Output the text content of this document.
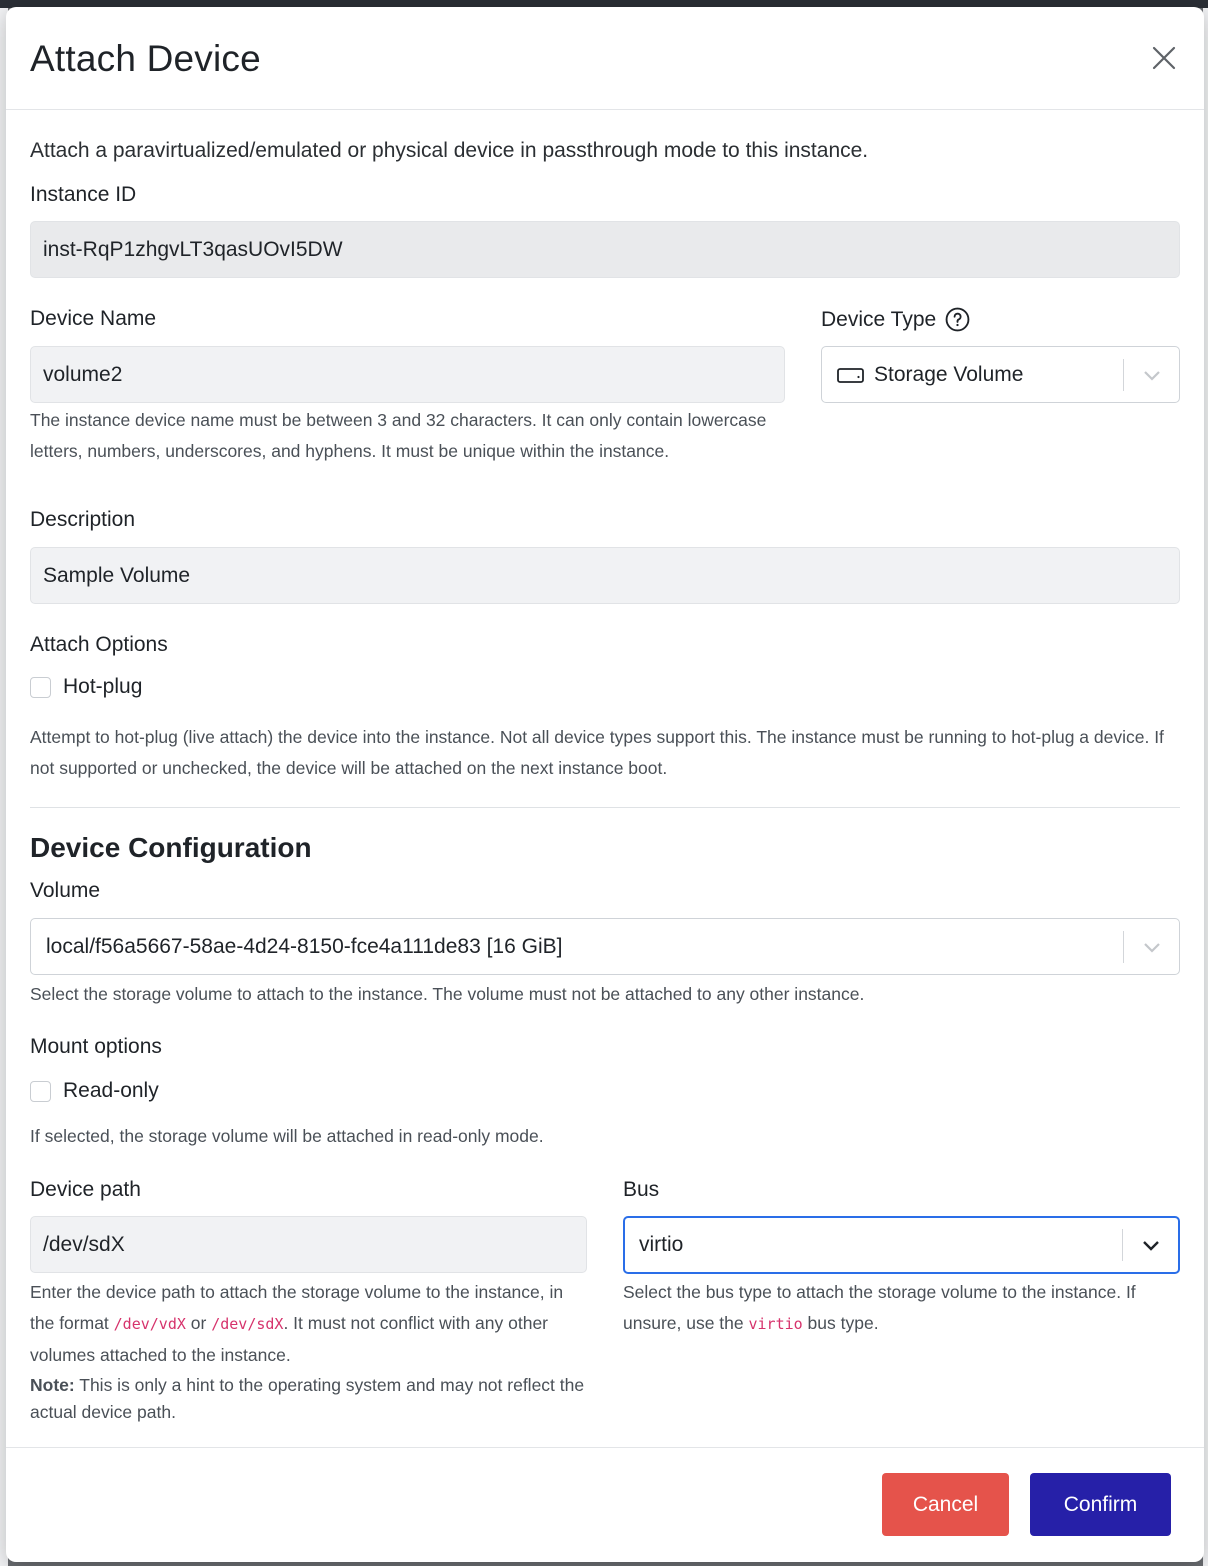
Attach Device

Attach a paravirtualized/emulated or physical device in passthrough mode to this instance.

Instance ID
inst-RqP1zhgvLT3qasUOvI5DW
Device Name
volume2

The instance device name must be between 3 and 32 characters. It can only contain lowercase letters, numbers, underscores, and hyphens. It must be unique within the instance.

Device Type
Storage Volume
Description
Sample Volume
Attach Options
Hot-plug

Attempt to hot-plug (live attach) the device into the instance. Not all device types support this. The instance must be running to hot-plug a device. If not supported or unchecked, the device will be attached on the next instance boot.

Device Configuration
Volume
local/f56a5667-58ae-4d24-8150-fce4a111de83 [16 GiB]

Select the storage volume to attach to the instance. The volume must not be attached to any other instance.

Mount options
Read-only

If selected, the storage volume will be attached in read-only mode.

Device path
/dev/sdX

Enter the device path to attach the storage volume to the instance, in the format /dev/vdX or /dev/sdX. It must not conflict with any other volumes attached to the instance.

Note: This is only a hint to the operating system and may not reflect the actual device path.

Bus
virtio

Select the bus type to attach the storage volume to the instance. If unsure, use the virtio bus type.

Cancel	Confirm
